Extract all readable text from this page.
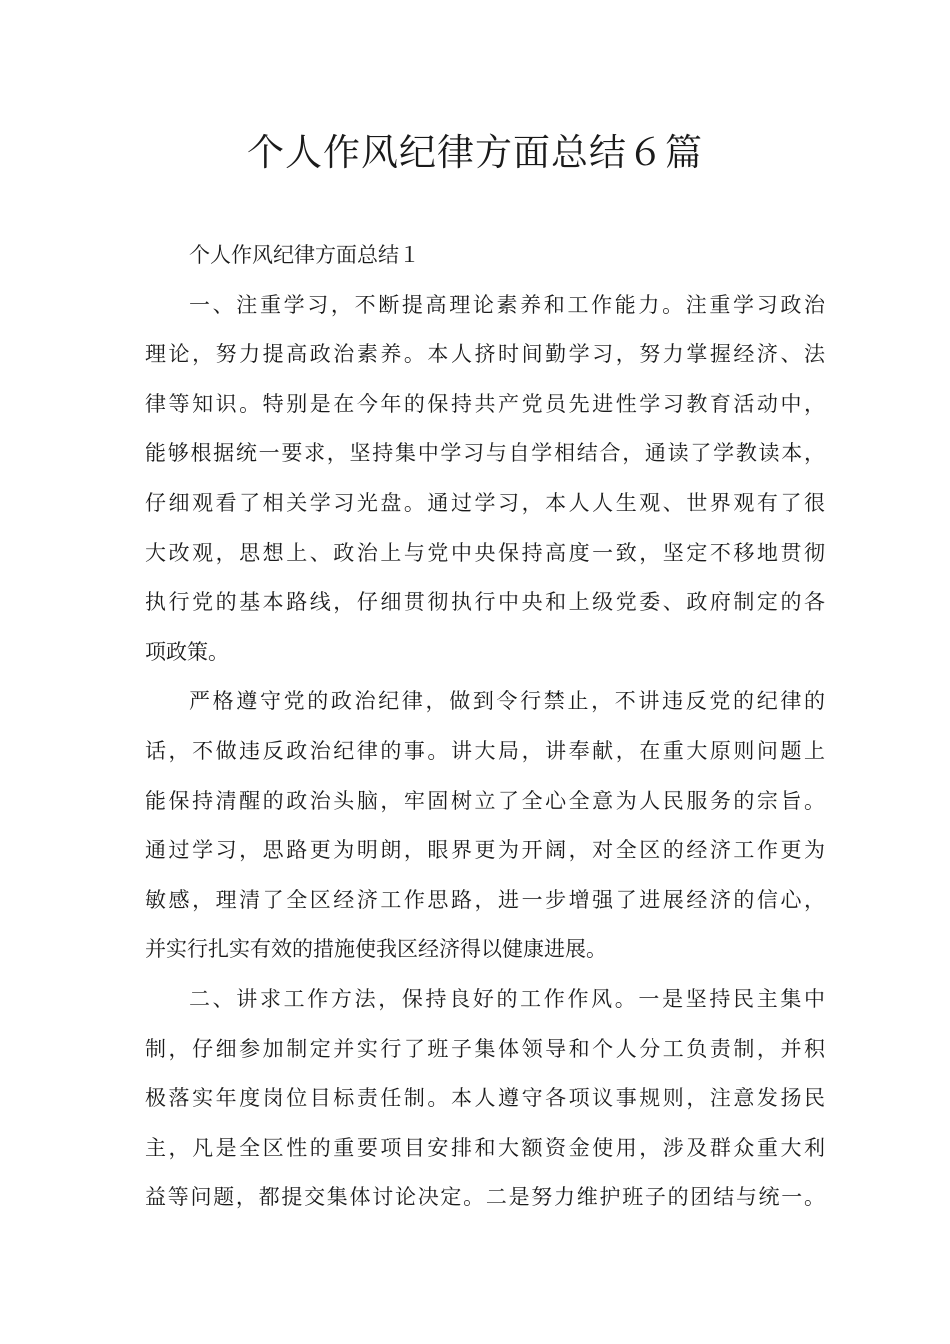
个人作风纪律方面总结６篇
个人作风纪律方面总结１
一、注重学习，不断提高理论素养和工作能力。注重学习政治
理论，努力提高政治素养。本人挤时间勤学习，努力掌握经济、法
律等知识。特别是在今年的保持共产党员先进性学习教育活动中，
能够根据统一要求，坚持集中学习与自学相结合，通读了学教读本，
仔细观看了相关学习光盘。通过学习，本人人生观、世界观有了很
大改观，思想上、政治上与党中央保持高度一致，坚定不移地贯彻
执行党的基本路线，仔细贯彻执行中央和上级党委、政府制定的各
项政策。
严格遵守党的政治纪律，做到令行禁止，不讲违反党的纪律的
话，不做违反政治纪律的事。讲大局，讲奉献，在重大原则问题上
能保持清醒的政治头脑，牢固树立了全心全意为人民服务的宗旨。
通过学习，思路更为明朗，眼界更为开阔，对全区的经济工作更为
敏感，理清了全区经济工作思路，进一步增强了进展经济的信心，
并实行扎实有效的措施使我区经济得以健康进展。
二、讲求工作方法，保持良好的工作作风。一是坚持民主集中
制，仔细参加制定并实行了班子集体领导和个人分工负责制，并积
极落实年度岗位目标责任制。本人遵守各项议事规则，注意发扬民
主，凡是全区性的重要项目安排和大额资金使用，涉及群众重大利
益等问题，都提交集体讨论决定。二是努力维护班子的团结与统一。
